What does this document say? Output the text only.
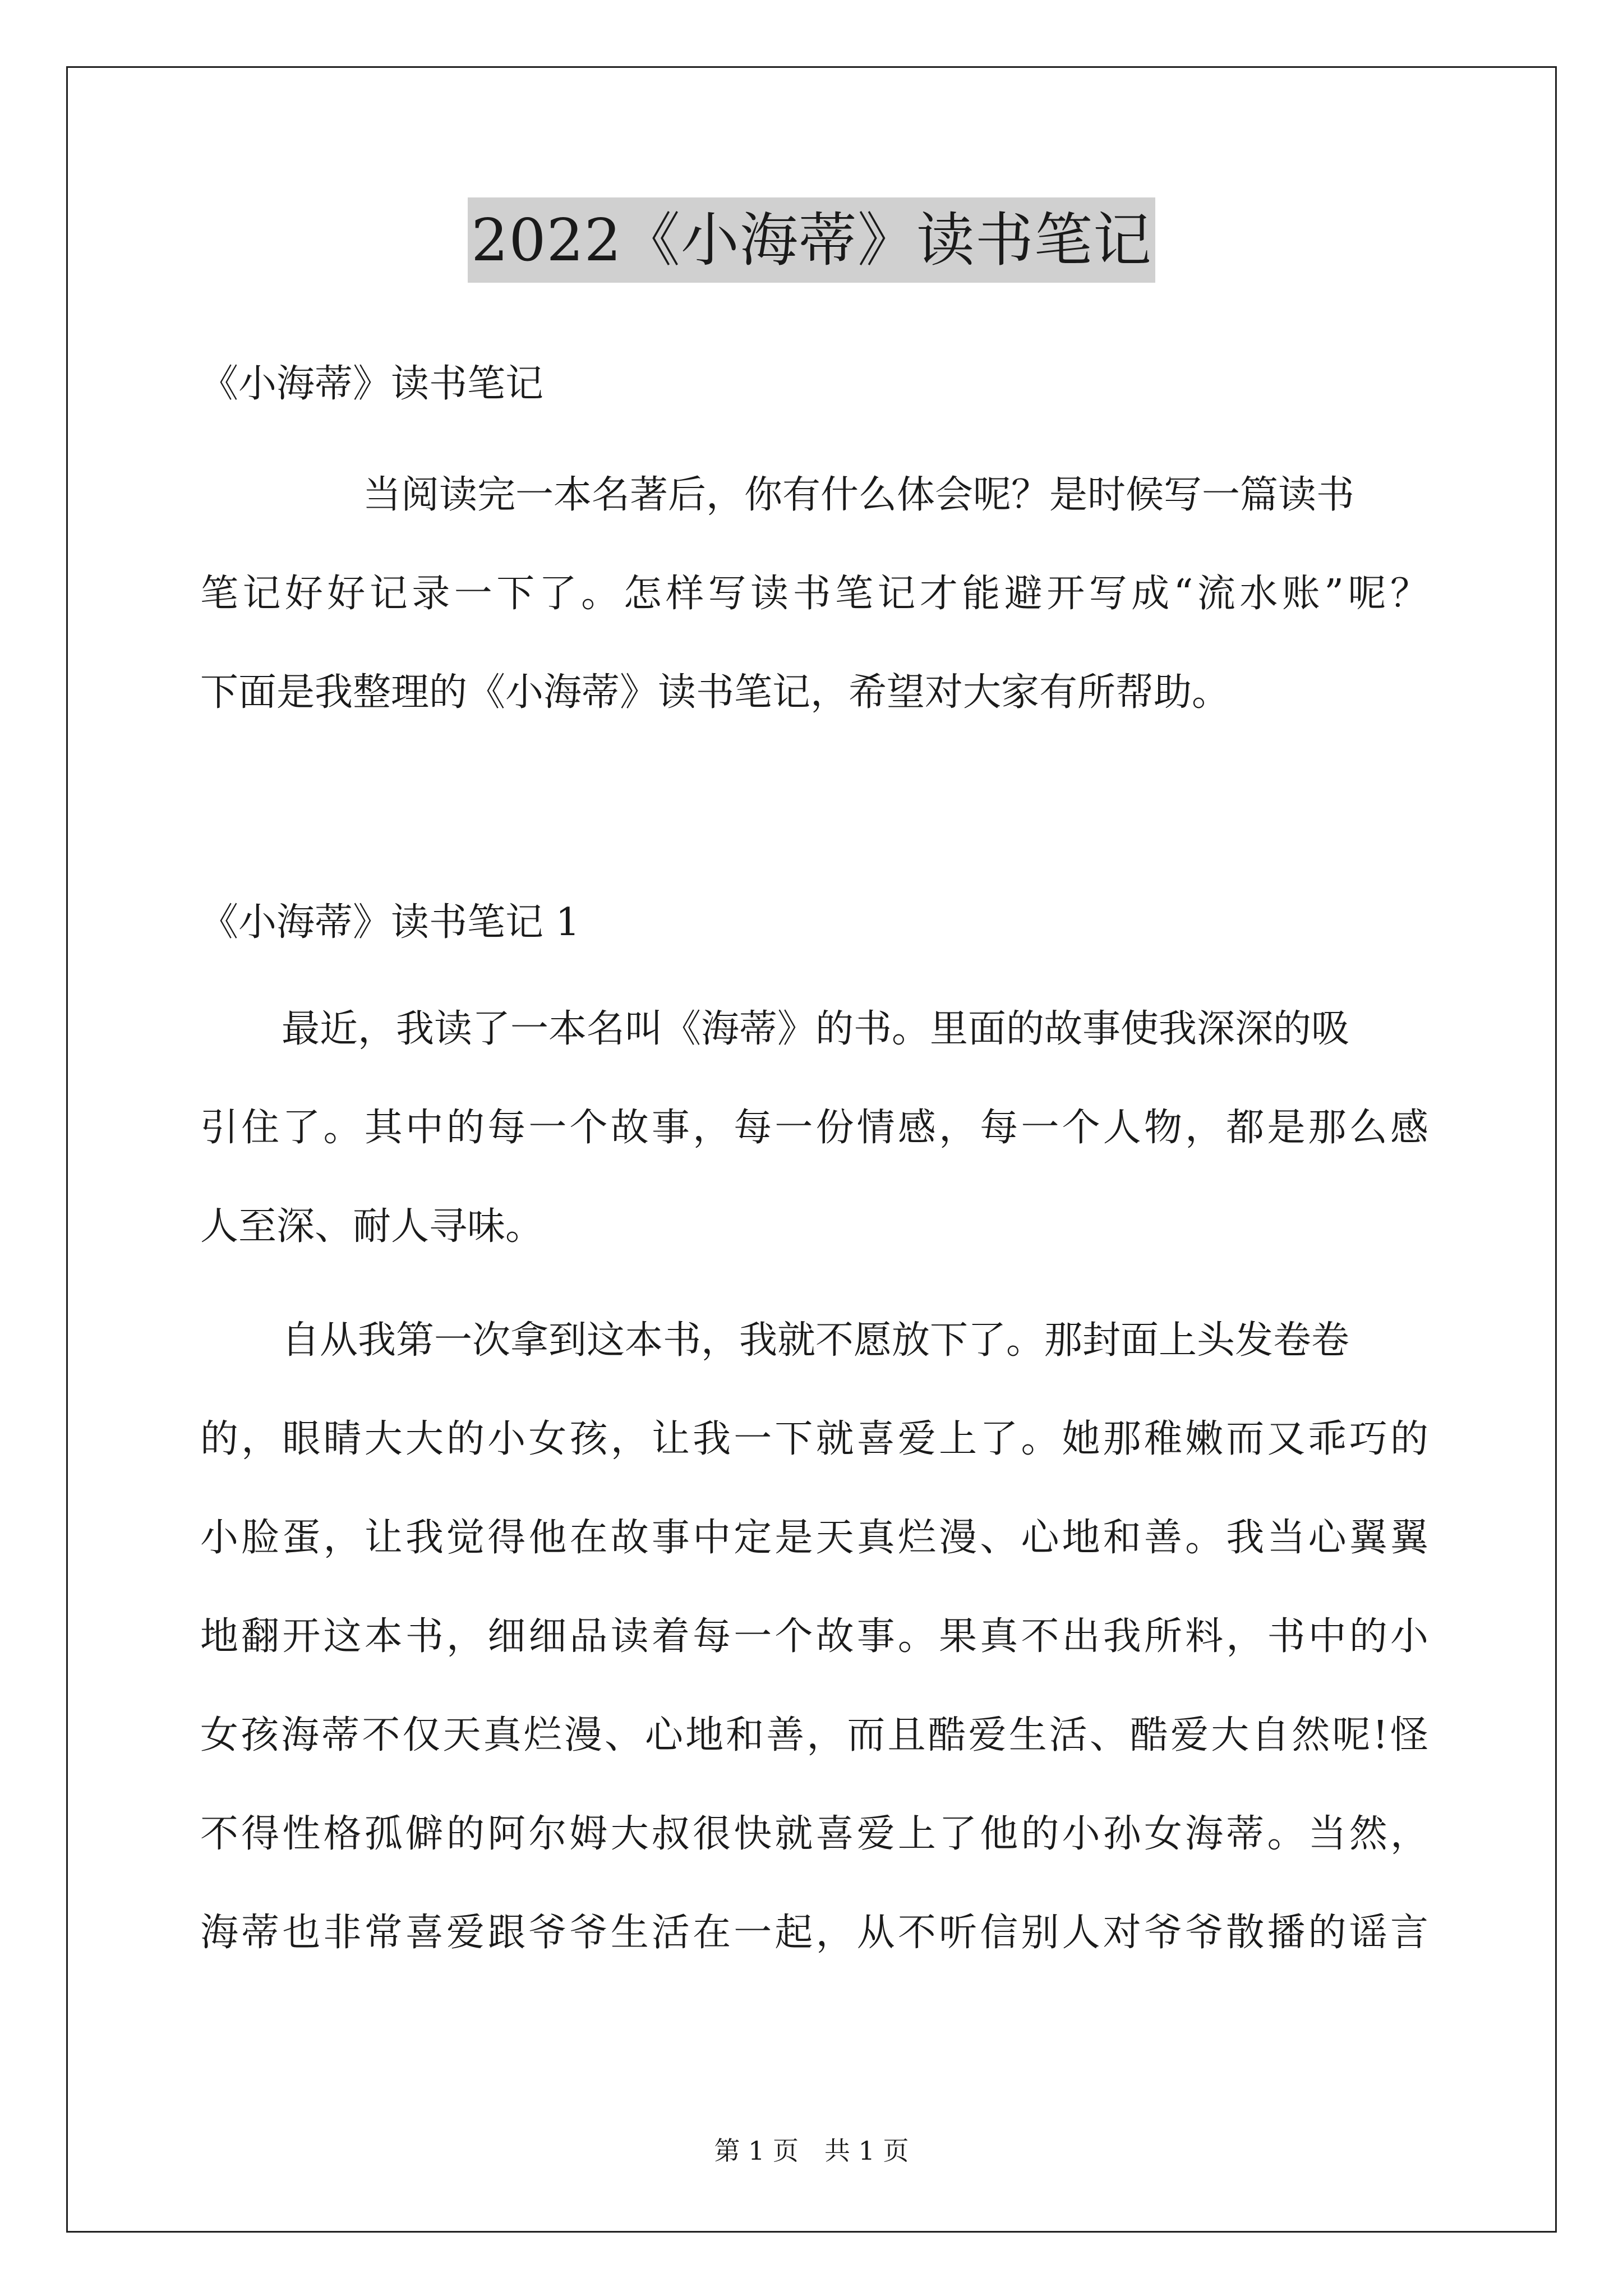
2022《小海蒂》读书笔记
《小海蒂》读书笔记
当阅读完一本名著后，你有什么体会呢？是时候写一篇读书
笔记好好记录一下了。怎样写读书笔记才能避开写成“流水账”呢？
下面是我整理的《小海蒂》读书笔记，希望对大家有所帮助。
《小海蒂》读书笔记 1
最近，我读了一本名叫《海蒂》的书。里面的故事使我深深的吸
引住了。其中的每一个故事，每一份情感，每一个人物，都是那么感
人至深、耐人寻味。
自从我第一次拿到这本书，我就不愿放下了。那封面上头发卷卷
的，眼睛大大的小女孩，让我一下就喜爱上了。她那稚嫩而又乖巧的
小脸蛋，让我觉得他在故事中定是天真烂漫、心地和善。我当心翼翼
地翻开这本书，细细品读着每一个故事。果真不出我所料，书中的小
女孩海蒂不仅天真烂漫、心地和善，而且酷爱生活、酷爱大自然呢!怪
不得性格孤僻的阿尔姆大叔很快就喜爱上了他的小孙女海蒂。当然，
海蒂也非常喜爱跟爷爷生活在一起，从不听信别人对爷爷散播的谣言
第 1 页　共 1 页
